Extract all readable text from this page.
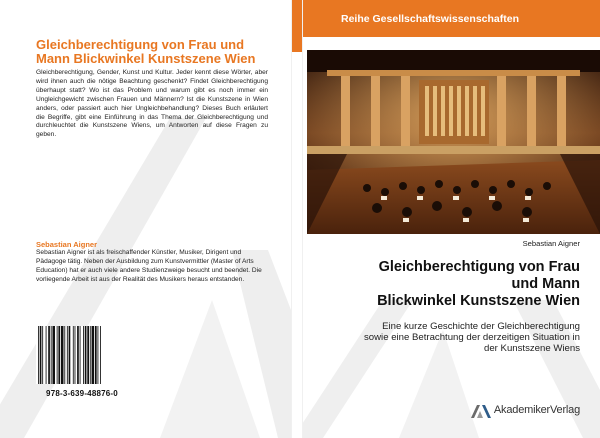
Gleichberechtigung von Frau und
Mann Blickwinkel Kunstszene Wien

Gleichberechtigung, Gender, Kunst und Kultur. Jeder kennt diese Wörter, aber wird ihnen auch die nötige Beachtung geschenkt? Findet Gleichberechtigung überhaupt statt? Wo ist das Problem und warum gibt es noch immer ein Ungleichgewicht zwischen Frauen und Männern? Ist die Kunstszene in Wien anders, oder passiert auch hier Ungleichbehandlung? Dieses Buch erläutert die Begriffe, gibt eine Einführung in das Thema der Gleichberechtigung und durchleuchtet die Kunstszene Wiens, um Antworten auf diese Fragen zu geben.

Sebastian Aigner

Sebastian Aigner ist als freischaffender Künstler, Musiker, Dirigent und Pädagoge tätig. Neben der Ausbildung zum Kunstvermittler (Master of Arts Education) hat er auch viele andere Studienzweige besucht und beendet. Die vorliegende Arbeit ist aus der Realität des Musikers heraus entstanden.

978-3-639-48876-0

Reihe Gesellschaftswissenschaften

Sebastian Aigner

Gleichberechtigung von Frau
und Mann
Blickwinkel Kunstszene Wien

Eine kurze Geschichte der Gleichberechtigung
sowie eine Betrachtung der derzeitigen Situation in
der Kunstszene Wiens

AkademikerVerlag
